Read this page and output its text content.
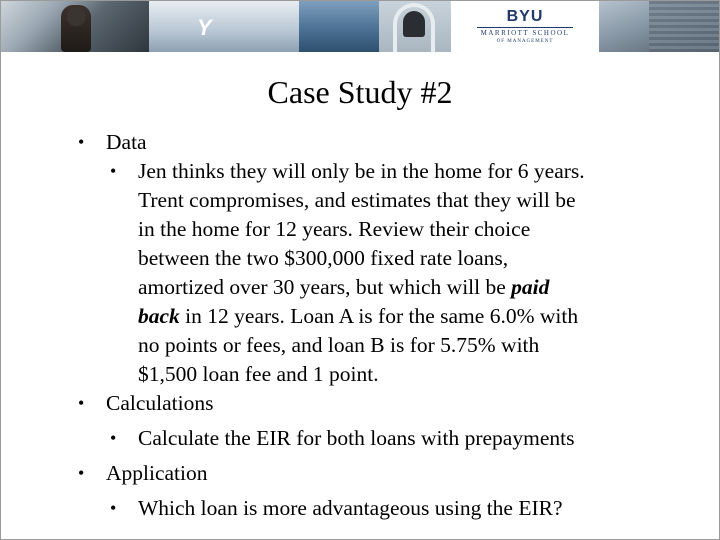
Y	BYU
MARRIOTT SCHOOL
OF MANAGEMENT
Case Study #2
• Data
• Jen thinks they will only be in the home for 6 years.
Trent compromises, and estimates that they will be
in the home for 12 years. Review their choice
between the two $300,000 fixed rate loans,
amortized over 30 years, but which will be paid
back in 12 years. Loan A is for the same 6.0% with
no points or fees, and loan B is for 5.75% with
$1,500 loan fee and 1 point.
• Calculations
• Calculate the EIR for both loans with prepayments
• Application
• Which loan is more advantageous using the EIR?
